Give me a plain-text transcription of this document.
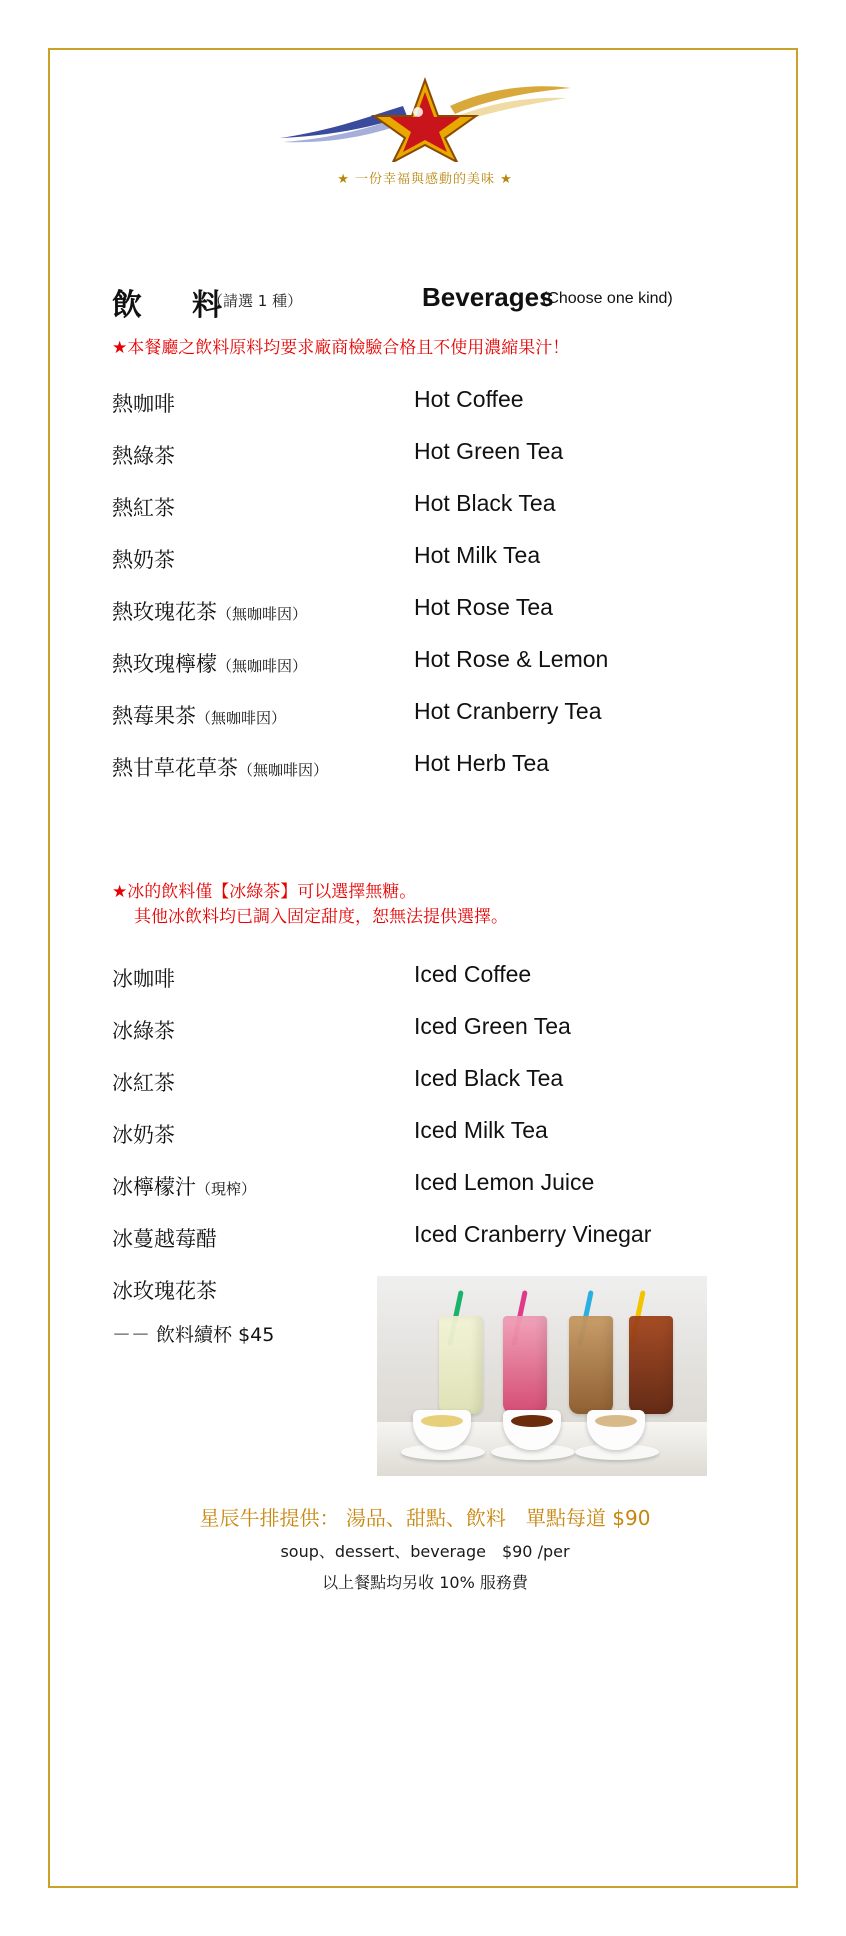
★ 一份幸福與感動的美味 ★
飲　料
（請選 1 種）	Beverages
(Choose one kind)
★本餐廳之飲料原料均要求廠商檢驗合格且不使用濃縮果汁！
熱咖啡	Hot Coffee
熱綠茶	Hot Green Tea
熱紅茶	Hot Black Tea
熱奶茶	Hot Milk Tea
熱玫瑰花茶（無咖啡因）	Hot Rose Tea
熱玫瑰檸檬（無咖啡因）	Hot Rose & Lemon
熱莓果茶（無咖啡因）	Hot Cranberry Tea
熱甘草花草茶（無咖啡因）	Hot Herb Tea
★冰的飲料僅【冰綠茶】可以選擇無糖。
其他冰飲料均已調入固定甜度，恕無法提供選擇。
冰咖啡	Iced Coffee
冰綠茶	Iced Green Tea
冰紅茶	Iced Black Tea
冰奶茶	Iced Milk Tea
冰檸檬汁（現榨）	Iced Lemon Juice
冰蔓越莓醋	Iced Cranberry Vinegar
冰玫瑰花茶
－－ 飲料續杯 $45
星辰牛排提供： 湯品、甜點、飲料　單點每道 $90
soup、dessert、beverage　$90 /per
以上餐點均另收 10% 服務費
